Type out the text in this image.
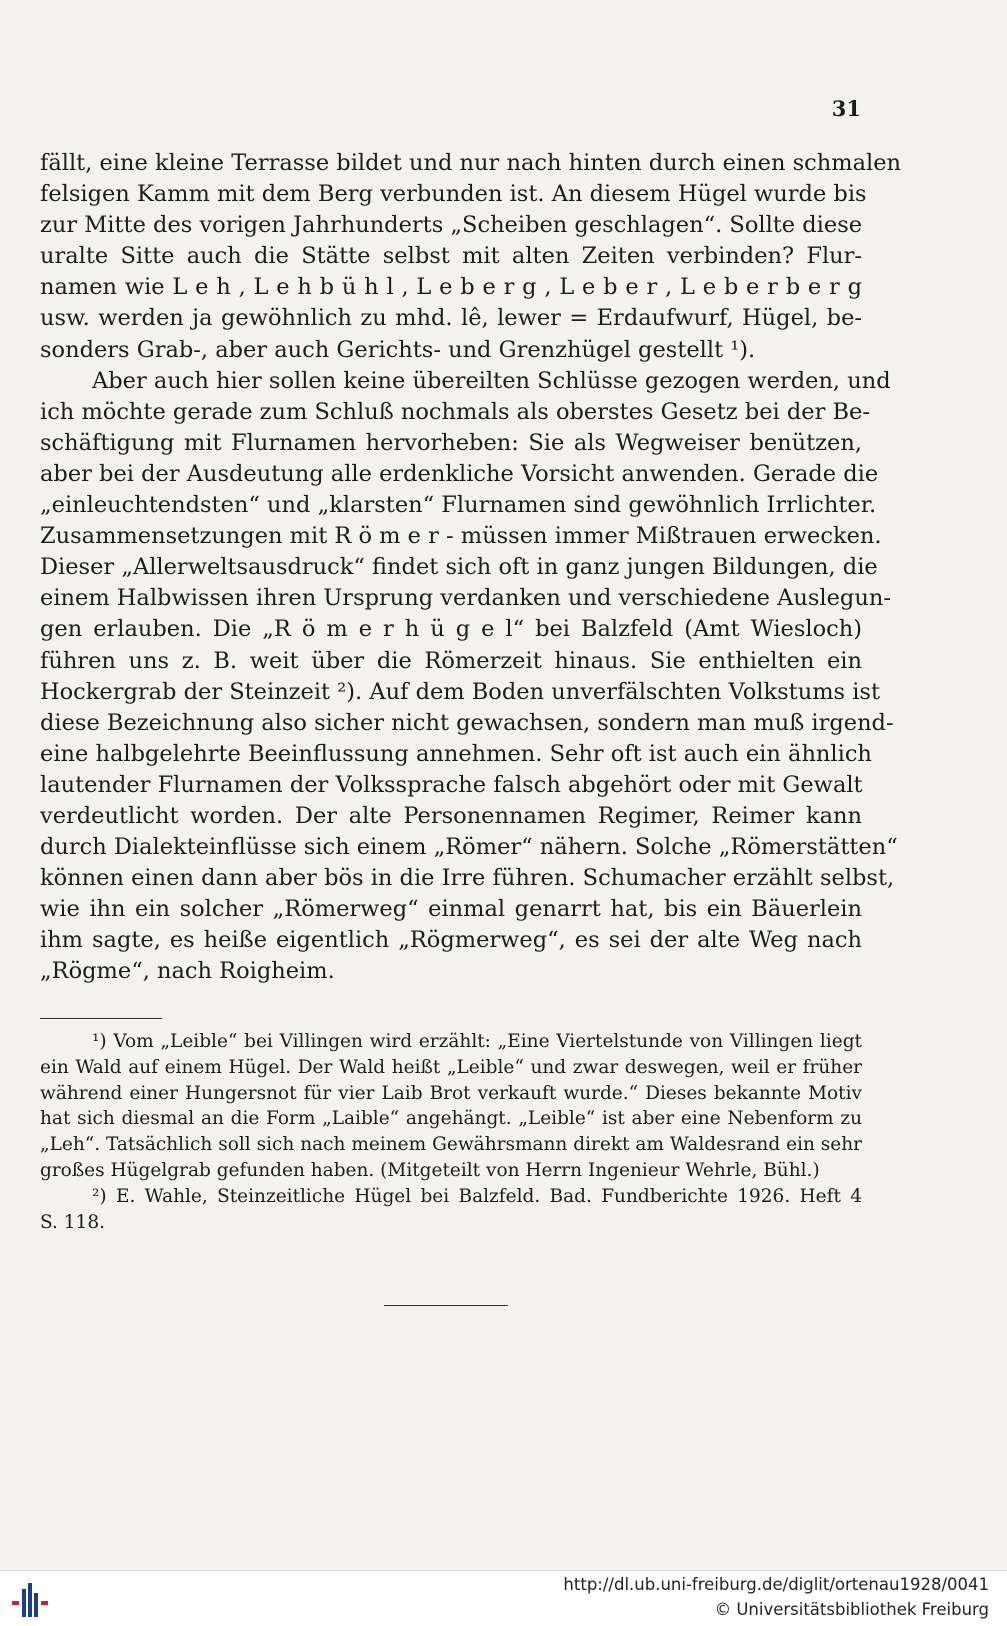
31
fällt, eine kleine Terrasse bildet und nur nach hinten durch einen schmalen
felsigen Kamm mit dem Berg verbunden ist. An diesem Hügel wurde bis
zur Mitte des vorigen Jahrhunderts „Scheiben geschlagen“. Sollte diese
uralte Sitte auch die Stätte selbst mit alten Zeiten verbinden? Flur-
namen wie L e h , L e h b ü h l , L e b e r g , L e b e r , L e b e r b e r g
usw. werden ja gewöhnlich zu mhd. lê, lewer = Erdaufwurf, Hügel, be-
sonders Grab-, aber auch Gerichts- und Grenzhügel gestellt ¹).
Aber auch hier sollen keine übereilten Schlüsse gezogen werden, und
ich möchte gerade zum Schluß nochmals als oberstes Gesetz bei der Be-
schäftigung mit Flurnamen hervorheben: Sie als Wegweiser benützen,
aber bei der Ausdeutung alle erdenkliche Vorsicht anwenden. Gerade die
„einleuchtendsten“ und „klarsten“ Flurnamen sind gewöhnlich Irrlichter.
Zusammensetzungen mit R ö m e r - müssen immer Mißtrauen erwecken.
Dieser „Allerweltsausdruck“ findet sich oft in ganz jungen Bildungen, die
einem Halbwissen ihren Ursprung verdanken und verschiedene Auslegun-
gen erlauben. Die „R ö m e r h ü g e l“ bei Balzfeld (Amt Wiesloch)
führen uns z. B. weit über die Römerzeit hinaus. Sie enthielten ein
Hockergrab der Steinzeit ²). Auf dem Boden unverfälschten Volkstums ist
diese Bezeichnung also sicher nicht gewachsen, sondern man muß irgend-
eine halbgelehrte Beeinflussung annehmen. Sehr oft ist auch ein ähnlich
lautender Flurnamen der Volkssprache falsch abgehört oder mit Gewalt
verdeutlicht worden. Der alte Personennamen Regimer, Reimer kann
durch Dialekteinflüsse sich einem „Römer“ nähern. Solche „Römerstätten“
können einen dann aber bös in die Irre führen. Schumacher erzählt selbst,
wie ihn ein solcher „Römerweg“ einmal genarrt hat, bis ein Bäuerlein
ihm sagte, es heiße eigentlich „Rögmerweg“, es sei der alte Weg nach
„Rögme“, nach Roigheim.
¹) Vom „Leible“ bei Villingen wird erzählt: „Eine Viertelstunde von Villingen liegt
ein Wald auf einem Hügel. Der Wald heißt „Leible“ und zwar deswegen, weil er früher
während einer Hungersnot für vier Laib Brot verkauft wurde.“ Dieses bekannte Motiv
hat sich diesmal an die Form „Laible“ angehängt. „Leible“ ist aber eine Nebenform zu
„Leh“. Tatsächlich soll sich nach meinem Gewährsmann direkt am Waldesrand ein sehr
großes Hügelgrab gefunden haben. (Mitgeteilt von Herrn Ingenieur Wehrle, Bühl.)
²) E. Wahle, Steinzeitliche Hügel bei Balzfeld. Bad. Fundberichte 1926. Heft 4
S. 118.
http://dl.ub.uni-freiburg.de/diglit/ortenau1928/0041
© Universitätsbibliothek Freiburg
